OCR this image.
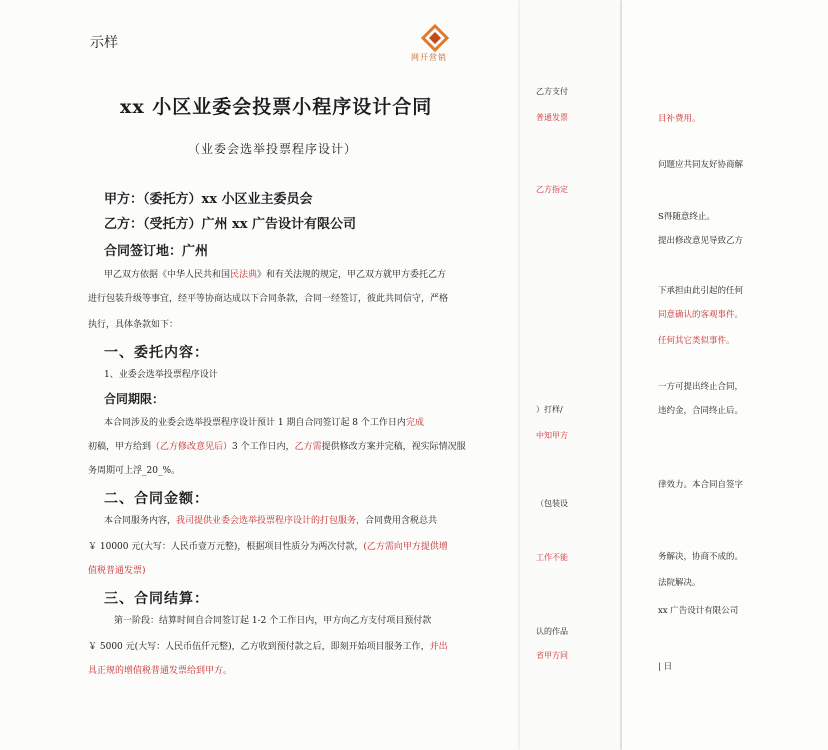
示样
网开营销
xx 小区业委会投票小程序设计合同
（业委会选举投票程序设计）
甲方：（委托方）xx 小区业主委员会
乙方：（受托方）广州 xx 广告设计有限公司
合同签订地：广州
甲乙双方依据《中华人民共和国民法典》和有关法规的规定，甲乙双方就甲方委托乙方
进行包装升级等事宜，经平等协商达成以下合同条款，合同一经签订，彼此共同信守，严格
执行，具体条款如下：
一、委托内容：
1、业委会选举投票程序设计
合同期限：
本合同涉及的业委会选举投票程序设计预计 1 期自合同签订起 8 个工作日内完成
初稿，甲方给到（乙方修改意见后）3 个工作日内，乙方需提供修改方案并完稿，视实际情况服
务周期可上浮_20_%。
二、合同金额：
本合同服务内容，我司提供业委会选举投票程序设计的打包服务，合同费用含税总共
￥ 10000 元(大写：人民币壹万元整)，根据项目性质分为两次付款，(乙方需向甲方提供增
值税普通发票)
三、合同结算：
第一阶段：结算时间自合同签订起 1-2 个工作日内，甲方向乙方支付项目预付款
￥ 5000 元(大写：人民币伍仟元整)，乙方收到预付款之后，即刻开始项目服务工作，并出
具正规的增值税普通发票给到甲方。
乙方支付
普通发票
乙方指定
）打样/
中知甲方
（包装设
工作不能
认的作品
省甲方同
目补费用。
问题应共同友好协商解
S得随意终止。
提出修改意见导致乙方
下承担由此引起的任何
同意确认的客观事件。
任何其它类似事件。
一方可提出终止合同，
违约金，合同终止后。
律效力。本合同自签字
务解决，协商不成的。
法院解决。
xx 广告设计有限公司
| 日
